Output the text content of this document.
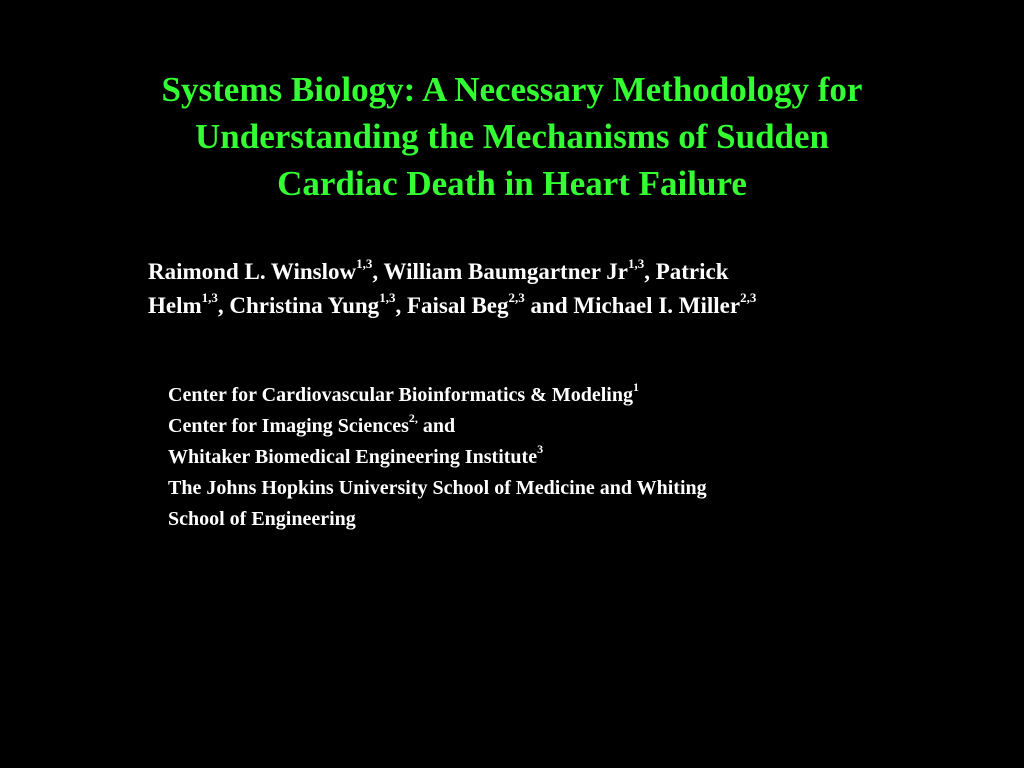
Systems Biology: A Necessary Methodology for
Understanding the Mechanisms of Sudden
Cardiac Death in Heart Failure
Raimond L. Winslow$^{1,3}$, William Baumgartner Jr$^{1,3}$, Patrick
Helm$^{1,3}$, Christina Yung$^{1,3}$, Faisal Beg$^{2,3}$ and Michael I. Miller$^{2,3}$
Center for Cardiovascular Bioinformatics & Modeling$^1$
Center for Imaging Sciences$^{2,}$ and
Whitaker Biomedical Engineering Institute$^3$
The Johns Hopkins University School of Medicine and Whiting
School of Engineering
